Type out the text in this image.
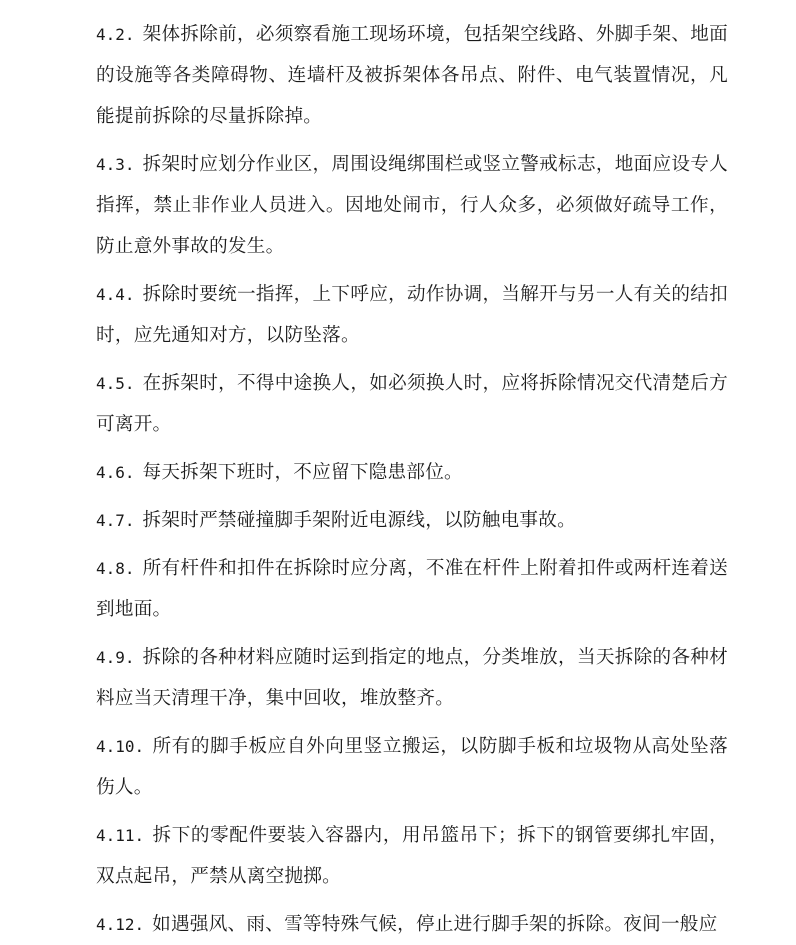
4.2. 架体拆除前，必须察看施工现场环境，包括架空线路、外脚手架、地面的设施等各类障碍物、连墙杆及被拆架体各吊点、附件、电气装置情况，凡能提前拆除的尽量拆除掉。

4.3. 拆架时应划分作业区，周围设绳绑围栏或竖立警戒标志，地面应设专人指挥，禁止非作业人员进入。因地处闹市，行人众多，必须做好疏导工作，防止意外事故的发生。

4.4. 拆除时要统一指挥，上下呼应，动作协调，当解开与另一人有关的结扣时，应先通知对方，以防坠落。

4.5. 在拆架时，不得中途换人，如必须换人时，应将拆除情况交代清楚后方可离开。

4.6. 每天拆架下班时，不应留下隐患部位。

4.7. 拆架时严禁碰撞脚手架附近电源线，以防触电事故。

4.8. 所有杆件和扣件在拆除时应分离，不准在杆件上附着扣件或两杆连着送到地面。

4.9. 拆除的各种材料应随时运到指定的地点，分类堆放，当天拆除的各种材料应当天清理干净，集中回收，堆放整齐。

4.10. 所有的脚手板应自外向里竖立搬运，以防脚手板和垃圾物从高处坠落伤人。

4.11. 拆下的零配件要装入容器内，用吊篮吊下；拆下的钢管要绑扎牢固，双点起吊，严禁从离空抛掷。

4.12. 如遇强风、雨、雪等特殊气候，停止进行脚手架的拆除。夜间一般应
